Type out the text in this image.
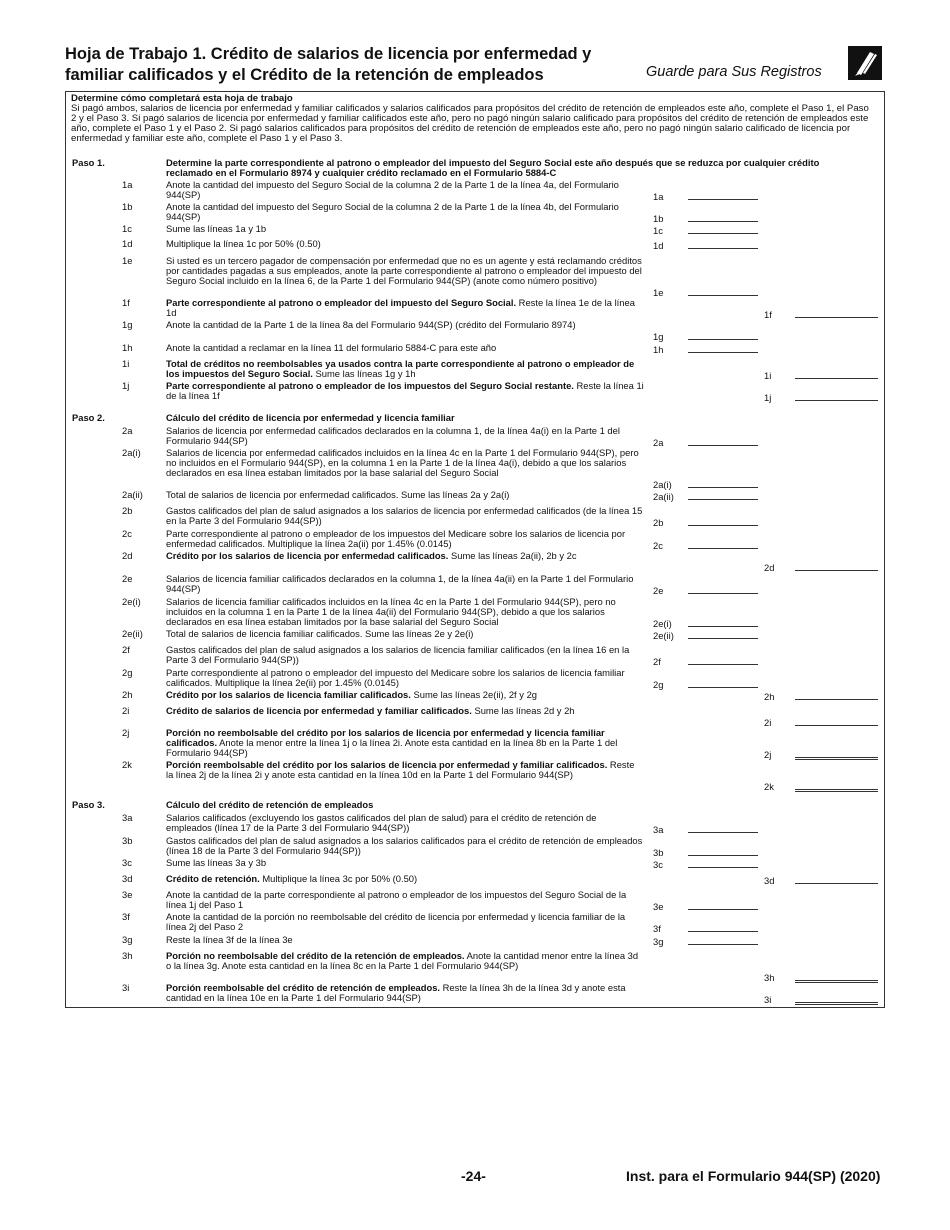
Hoja de Trabajo 1. Crédito de salarios de licencia por enfermedad y familiar calificados y el Crédito de la retención de empleados	Guarde para Sus Registros
Determine cómo completará esta hoja de trabajo
Si pagó ambos, salarios de licencia por enfermedad y familiar calificados y salarios calificados para propósitos del crédito de retención de empleados este año, complete el Paso 1, el Paso 2 y el Paso 3. Si pagó salarios de licencia por enfermedad y familiar calificados este año, pero no pagó ningún salario calificado para propósitos del crédito de retención de empleados este año, complete el Paso 1 y el Paso 2. Si pagó salarios calificados para propósitos del crédito de retención de empleados este año, pero no pagó ningún salario calificado de licencia por enfermedad y familiar este año, complete el Paso 1 y el Paso 3.
Paso 1.	Determine la parte correspondiente al patrono o empleador del impuesto del Seguro Social este año después que se reduzca por cualquier crédito reclamado en el Formulario 8974 y cualquier crédito reclamado en el Formulario 5884-C
Paso 2.	Cálculo del crédito de licencia por enfermedad y licencia familiar
Paso 3.	Cálculo del crédito de retención de empleados
1a	Anote la cantidad del impuesto del Seguro Social de la columna 2 de la Parte 1 de la línea 4a, del Formulario 944(SP)	1a
1b	Anote la cantidad del impuesto del Seguro Social de la columna 2 de la Parte 1 de la línea 4b, del Formulario 944(SP)	1b
1c	Sume las líneas 1a y 1b	1c
1d	Multiplique la línea 1c por 50% (0.50)	1d
1e	Si usted es un tercero pagador de compensación por enfermedad que no es un agente y está reclamando créditos por cantidades pagadas a sus empleados, anote la parte correspondiente al patrono o empleador del impuesto del Seguro Social incluido en la línea 6, de la Parte 1 del Formulario 944(SP) (anote como número positivo)
1e
1f	Parte correspondiente al patrono o empleador del impuesto del Seguro Social. Reste la línea 1e de la línea 1d	1f
1g	Anote la cantidad de la Parte 1 de la línea 8a del Formulario 944(SP) (crédito del Formulario 8974)
1g
1h	Anote la cantidad a reclamar en la línea 11 del formulario 5884-C para este año	1h
1i	Total de créditos no reembolsables ya usados contra la parte correspondiente al patrono o empleador de los impuestos del Seguro Social. Sume las líneas 1g y 1h	1i
1j	Parte correspondiente al patrono o empleador de los impuestos del Seguro Social restante. Reste la línea 1i de la línea 1f	1j
2a	Salarios de licencia por enfermedad calificados declarados en la columna 1, de la línea 4a(i) en la Parte 1 del Formulario 944(SP)	2a
2a(i)	Salarios de licencia por enfermedad calificados incluidos en la línea 4c en la Parte 1 del Formulario 944(SP), pero no incluidos en el Formulario 944(SP), en la columna 1 en la Parte 1 de la línea 4a(i), debido a que los salarios declarados en esa línea estaban limitados por la base salarial del Seguro Social
2a(i)
2a(ii) Total de salarios de licencia por enfermedad calificados. Sume las líneas 2a y 2a(i)	2a(ii)
2b	Gastos calificados del plan de salud asignados a los salarios de licencia por enfermedad calificados (de la línea 15 en la Parte 3 del Formulario 944(SP))	2b
2c	Parte correspondiente al patrono o empleador de los impuestos del Medicare sobre los salarios de licencia por enfermedad calificados. Multiplique la línea 2a(ii) por 1.45% (0.0145)	2c
2d	Crédito por los salarios de licencia por enfermedad calificados. Sume las líneas 2a(ii), 2b y 2c
2d
2e	Salarios de licencia familiar calificados declarados en la columna 1, de la línea 4a(ii) en la Parte 1 del Formulario 944(SP)	2e
2e(i)	Salarios de licencia familiar calificados incluidos en la línea 4c en la Parte 1 del Formulario 944(SP), pero no incluidos en la columna 1 en la Parte 1 de la línea 4a(ii) del Formulario 944(SP), debido a que los salarios declarados en esa línea estaban limitados por la base salarial del Seguro Social	2e(i)
2e(ii) Total de salarios de licencia familiar calificados. Sume las líneas 2e y 2e(i)	2e(ii)
2f	Gastos calificados del plan de salud asignados a los salarios de licencia familiar calificados (en la línea 16 en la Parte 3 del Formulario 944(SP))	2f
2g	Parte correspondiente al patrono o empleador del impuesto del Medicare sobre los salarios de licencia familiar calificados. Multiplique la línea 2e(ii) por 1.45% (0.0145)	2g
2h	Crédito por los salarios de licencia familiar calificados. Sume las líneas 2e(ii), 2f y 2g	2h
2i	Crédito de salarios de licencia por enfermedad y familiar calificados. Sume las líneas 2d y 2h
2i
2j	Porción no reembolsable del crédito por los salarios de licencia por enfermedad y licencia familiar calificados. Anote la menor entre la línea 1j o la línea 2i. Anote esta cantidad en la línea 8b en la Parte 1 del Formulario 944(SP)	2j
2k	Porción reembolsable del crédito por los salarios de licencia por enfermedad y familiar calificados. Reste la línea 2j de la línea 2i y anote esta cantidad en la línea 10d en la Parte 1 del Formulario 944(SP)
2k
3a	Salarios calificados (excluyendo los gastos calificados del plan de salud) para el crédito de retención de empleados (línea 17 de la Parte 3 del Formulario 944(SP))	3a
3b	Gastos calificados del plan de salud asignados a los salarios calificados para el crédito de retención de empleados (línea 18 de la Parte 3 del Formulario 944(SP))	3b
3c	Sume las líneas 3a y 3b	3c
3d	Crédito de retención. Multiplique la línea 3c por 50% (0.50)	3d
3e	Anote la cantidad de la parte correspondiente al patrono o empleador de los impuestos del Seguro Social de la línea 1j del Paso 1	3e
3f	Anote la cantidad de la porción no reembolsable del crédito de licencia por enfermedad y licencia familiar de la línea 2j del Paso 2	3f
3g	Reste la línea 3f de la línea 3e	3g
3h	Porción no reembolsable del crédito de la retención de empleados. Anote la cantidad menor entre la línea 3d o la línea 3g. Anote esta cantidad en la línea 8c en la Parte 1 del Formulario 944(SP)
3h
3i	Porción reembolsable del crédito de retención de empleados. Reste la línea 3h de la línea 3d y anote esta cantidad en la línea 10e en la Parte 1 del Formulario 944(SP)	3i
-24-	Inst. para el Formulario 944(SP) (2020)
